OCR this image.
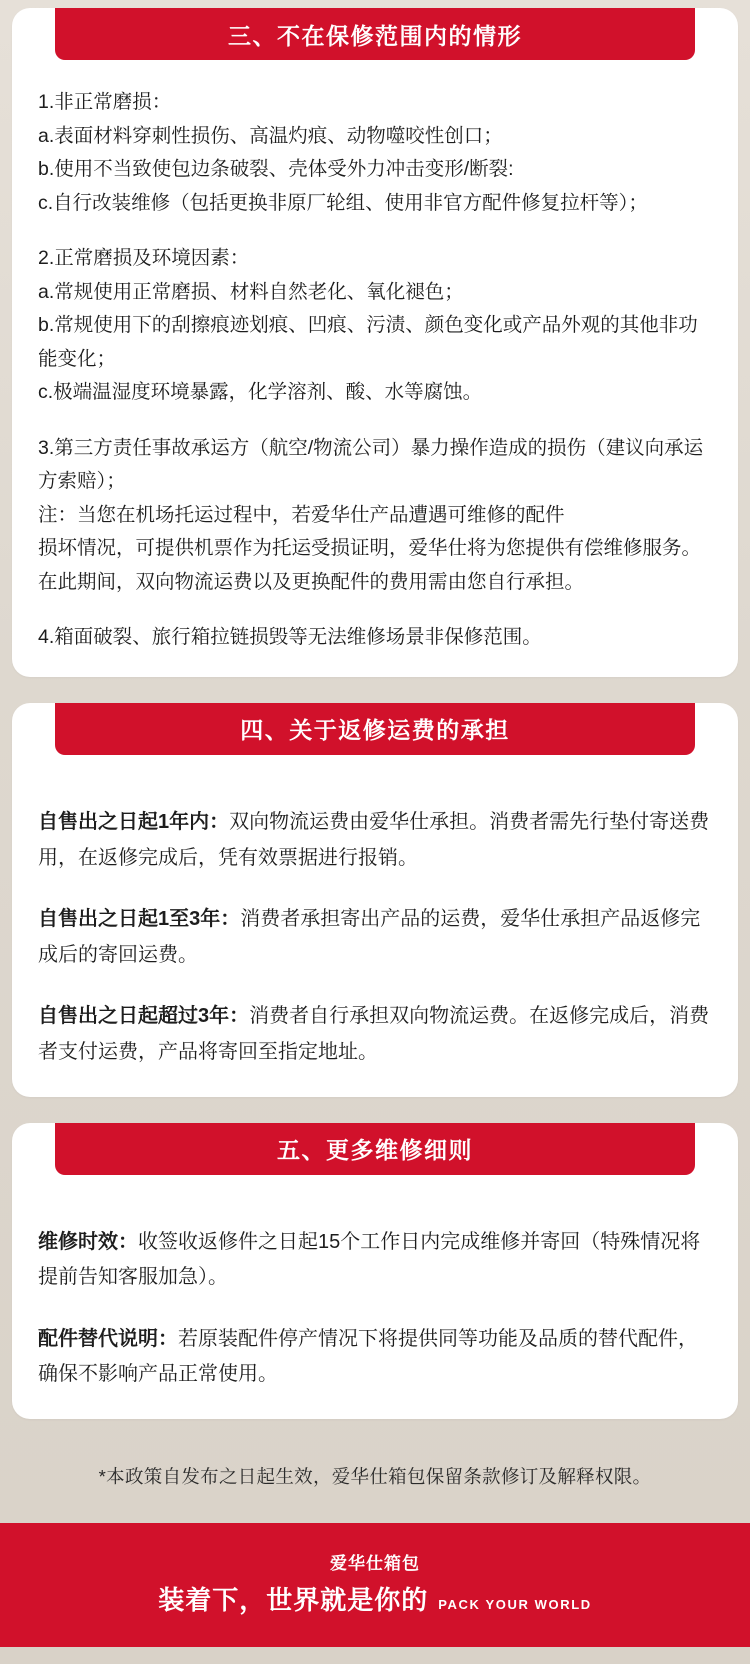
三、不在保修范围内的情形

1.非正常磨损：

a.表面材料穿刺性损伤、高温灼痕、动物噬咬性创口；

b.使用不当致使包边条破裂、壳体受外力冲击变形/断裂:

c.自行改装维修（包括更换非原厂轮组、使用非官方配件修复拉杆等）；

2.正常磨损及环境因素：

a.常规使用正常磨损、材料自然老化、氧化褪色；

b.常规使用下的刮擦痕迹划痕、凹痕、污渍、颜色变化或产品外观的其他非功能变化；

c.极端温湿度环境暴露，化学溶剂、酸、水等腐蚀。

3.第三方责任事故承运方（航空/物流公司）暴力操作造成的损伤（建议向承运方索赔）；

注：当您在机场托运过程中，若爱华仕产品遭遇可维修的配件

损坏情况，可提供机票作为托运受损证明，爱华仕将为您提供有偿维修服务。在此期间，双向物流运费以及更换配件的费用需由您自行承担。

4.箱面破裂、旅行箱拉链损毁等无法维修场景非保修范围。

四、关于返修运费的承担

自售出之日起1年内：双向物流运费由爱华仕承担。消费者需先行垫付寄送费用，在返修完成后，凭有效票据进行报销。

自售出之日起1至3年：消费者承担寄出产品的运费，爱华仕承担产品返修完成后的寄回运费。

自售出之日起超过3年：消费者自行承担双向物流运费。在返修完成后，消费者支付运费，产品将寄回至指定地址。

五、更多维修细则

维修时效：收签收返修件之日起15个工作日内完成维修并寄回（特殊情况将提前告知客服加急）。

配件替代说明：若原装配件停产情况下将提供同等功能及品质的替代配件，确保不影响产品正常使用。

*本政策自发布之日起生效，爱华仕箱包保留条款修订及解释权限。
爱华仕箱包
装着下，世界就是你的 PACK YOUR WORLD
